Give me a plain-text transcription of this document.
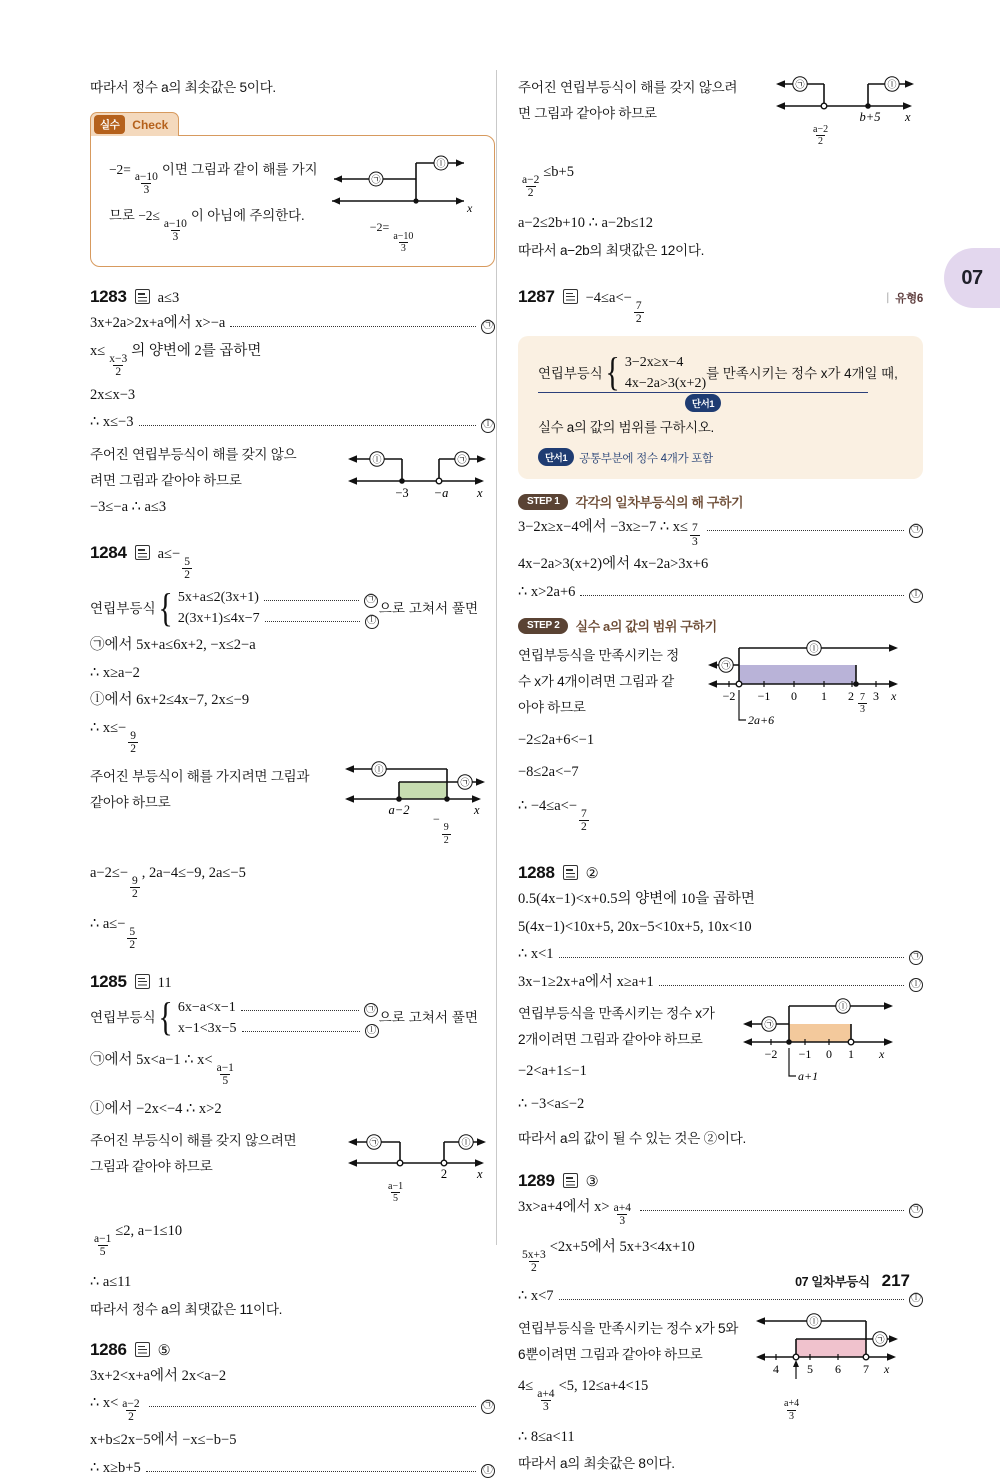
07
따라서 정수 a의 최솟값은 5이다.
실수	Check
−2=
$\frac{a-10}{3}$
이면 그림과 같이 해를 가지
므로 −2≤
$\frac{a-10}{3}$
이 아님에 주의한다.
㉠
ⓛ
x
−2=
$\frac{a-10}{3}$
1283 a≤3
3x+2a>2x+a에서 x>−a	㉠
x≤
$\frac{x-3}{2}$
의 양변에 2를 곱하면
2x≤x−3
∴ x≤−3	ⓛ
주어진 연립부등식이 해를 갖지 않으
려면 그림과 같아야 하므로
−3≤−a ∴ a≤3
ⓛ	㉠
−3 −a x
1284 a≤−
$\frac{5}{2}$
연립부등식 { 5x+a≤2(3x+1)	㉠
2(3x+1)≤4x−7	ⓛ
으로 고쳐서 풀면
㉠에서 5x+a≤6x+2, −x≤2−a
∴ x≥a−2
ⓛ에서 6x+2≤4x−7, 2x≤−9
∴ x≤−
$\frac{9}{2}$
주어진 부등식이 해를 가지려면 그림과
같아야 하므로
ⓛ
㉠
a−2	x
−
$\frac{9}{2}$
a−2≤−
$\frac{9}{2}$
, 2a−4≤−9, 2a≤−5
∴ a≤−
$\frac{5}{2}$
1285 11
연립부등식 { 6x−a<x−1	㉠
x−1<3x−5	ⓛ
으로 고쳐서 풀면
㉠에서 5x<a−1 ∴ x<
$\frac{a-1}{5}$
ⓛ에서 −2x<−4 ∴ x>2
주어진 부등식이 해를 갖지 않으려면
그림과 같아야 하므로
㉠	ⓛ
2 x
$\frac{a-1}{5}$
$\frac{a-1}{5}$
≤2, a−1≤10
∴ a≤11
따라서 정수 a의 최댓값은 11이다.
1286 ⑤
3x+2<x+a에서 2x<a−2
∴ $x< \frac{a-2}{2}$	㉠
x+b≤2x−5에서 −x≤−b−5
∴ x≥b+5	ⓛ
주어진 연립부등식이 해를 갖지 않으려
면 그림과 같아야 하므로
㉠	ⓛ
b+5 x
$\frac{a-2}{2}$
$\frac{a-2}{2}$
≤b+5
a−2≤2b+10 ∴ a−2b≤12
따라서 a−2b의 최댓값은 12이다.
1287 −4≤a<−
$\frac{7}{2}$
丨 유형6
연립부등식 { 3−2x≥x−4
4x−2a>3(x+2)
를 만족시키는 정수 x가 4개일 때,
단서1
실수 a의 값의 범위를 구하시오.
단서1 공통부분에 정수 4개가 포함
STEP 1	각각의 일차부등식의 해 구하기
3−2x≥x−4에서 −3x≥−7 ∴ $x\le \frac{7}{3}$	㉠
4x−2a>3(x+2)에서 4x−2a>3x+6
∴ x>2a+6	ⓛ
STEP 2	실수 a의 값의 범위 구하기
연립부등식을 만족시키는 정
수 x가 4개이려면 그림과 같
아야 하므로
−2≤2a+6<−1
−8≤2a<−7
∴ −4≤a<−
$\frac{7}{2}$
㉠
ⓛ
−2 −1 0 1 2 3 x
2a+6
$\frac{7}{3}$
1288 ②
0.5(4x−1)<x+0.5의 양변에 10을 곱하면
5(4x−1)<10x+5, 20x−5<10x+5, 10x<10
∴ x<1	㉠
3x−1≥2x+a에서 x≥a+1	ⓛ
연립부등식을 만족시키는 정수 x가
2개이려면 그림과 같아야 하므로
−2<a+1≤−1
∴ −3<a≤−2
㉠
ⓛ
−2 −1 0 1 x
a+1
따라서 a의 값이 될 수 있는 것은 ②이다.
1289 ③
3x>a+4에서 $x> \frac{a+4}{3}$	㉠
$\frac{5x+3}{2}$
<2x+5에서 5x+3<4x+10
∴ x<7	ⓛ
연립부등식을 만족시키는 정수 x가 5와
6뿐이려면 그림과 같아야 하므로
4≤
$\frac{a+4}{3}$
<5, 12≤a+4<15
∴ 8≤a<11
따라서 a의 최솟값은 8이다.
ⓛ
㉠
4 5 6 7 x
$\frac{a+4}{3}$
07 일차부등식 217
